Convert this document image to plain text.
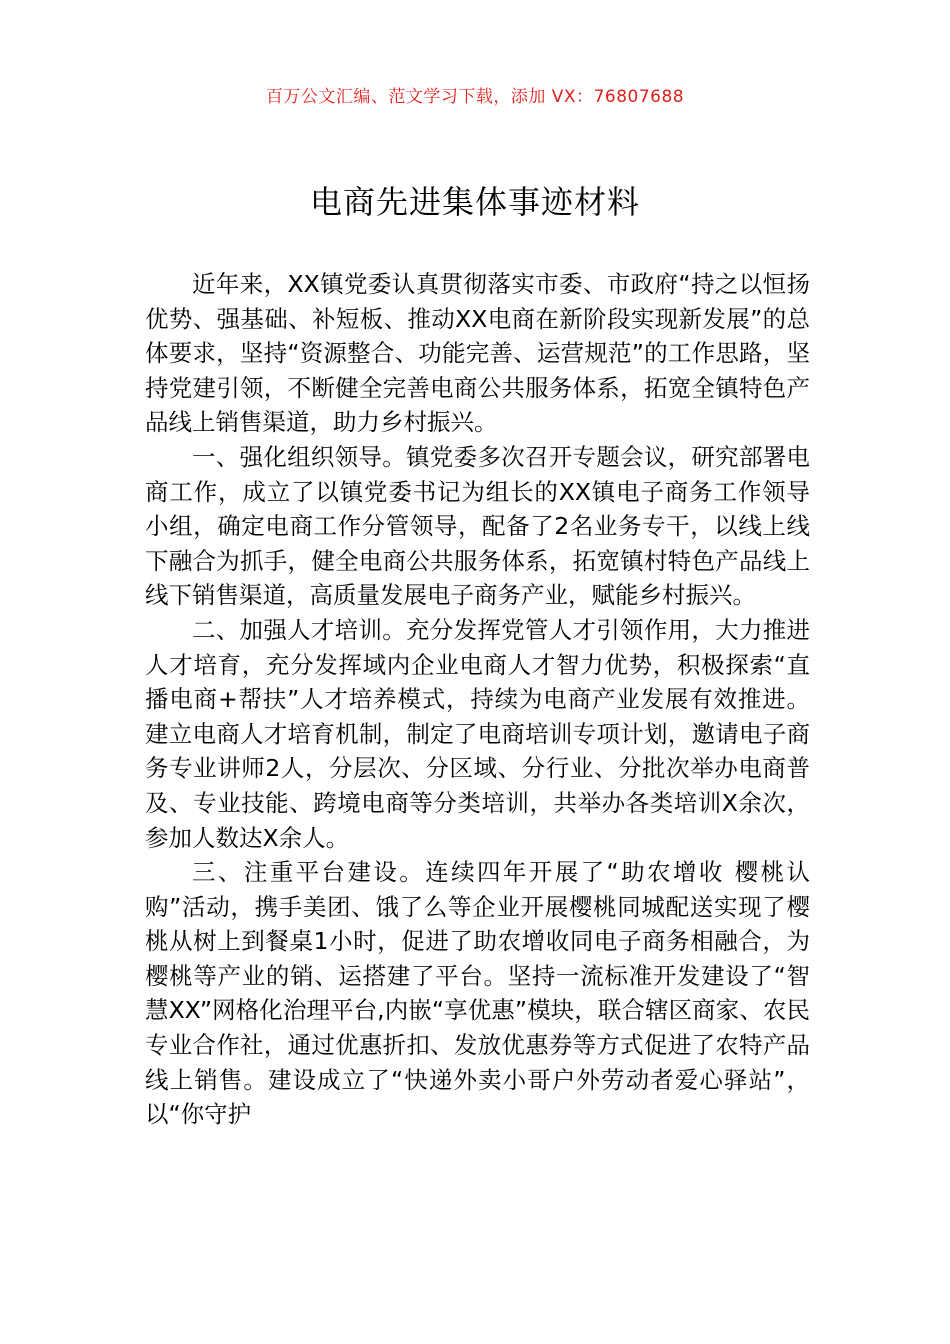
百万公文汇编、范文学习下载，添加 VX：76807688
电商先进集体事迹材料

近年来，XX镇党委认真贯彻落实市委、市政府“持之以恒扬优势、强基础、补短板、推动XX电商在新阶段实现新发展”的总体要求，坚持“资源整合、功能完善、运营规范”的工作思路，坚持党建引领，不断健全完善电商公共服务体系，拓宽全镇特色产品线上销售渠道，助力乡村振兴。

一、强化组织领导。镇党委多次召开专题会议，研究部署电商工作，成立了以镇党委书记为组长的XX镇电子商务工作领导小组，确定电商工作分管领导，配备了2名业务专干，以线上线下融合为抓手，健全电商公共服务体系，拓宽镇村特色产品线上线下销售渠道，高质量发展电子商务产业，赋能乡村振兴。

二、加强人才培训。充分发挥党管人才引领作用，大力推进人才培育，充分发挥域内企业电商人才智力优势，积极探索“直播电商+帮扶”人才培养模式，持续为电商产业发展有效推进。建立电商人才培育机制，制定了电商培训专项计划，邀请电子商务专业讲师2人，分层次、分区域、分行业、分批次举办电商普及、专业技能、跨境电商等分类培训，共举办各类培训X余次，参加人数达X余人。

三、注重平台建设。连续四年开展了“助农增收 樱桃认购”活动，携手美团、饿了么等企业开展樱桃同城配送实现了樱桃从树上到餐桌1小时，促进了助农增收同电子商务相融合，为樱桃等产业的销、运搭建了平台。坚持一流标准开发建设了“智慧XX”网格化治理平台,内嵌“享优惠”模块，联合辖区商家、农民专业合作社，通过优惠折扣、发放优惠券等方式促进了农特产品线上销售。建设成立了“快递外卖小哥户外劳动者爱心驿站”，以“你守护
